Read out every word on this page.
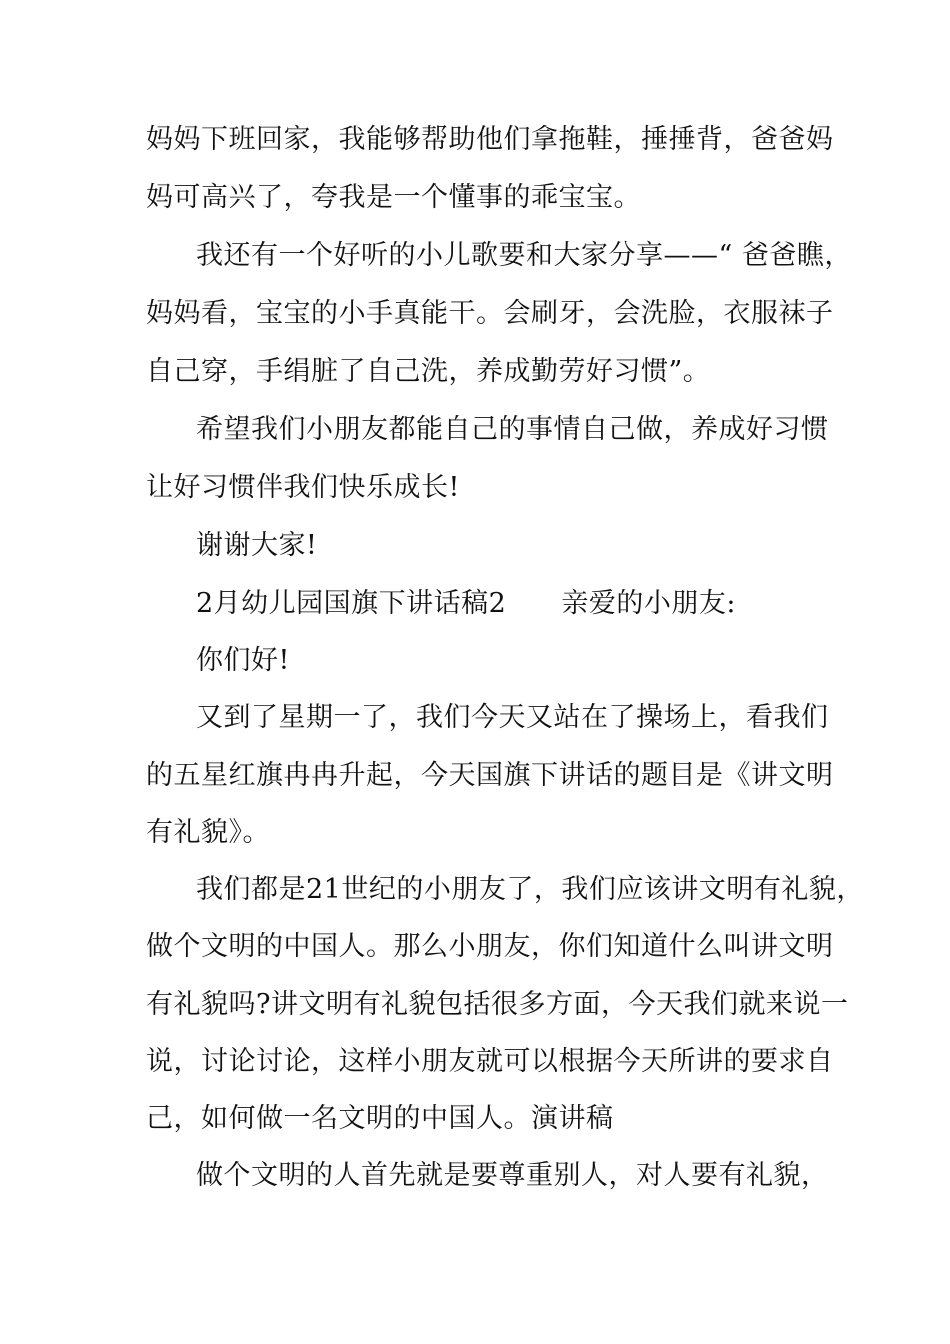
妈妈下班回家，我能够帮助他们拿拖鞋，捶捶背，爸爸妈
妈可高兴了，夸我是一个懂事的乖宝宝。
我还有一个好听的小儿歌要和大家分享——“ 爸爸瞧，
妈妈看，宝宝的小手真能干。会刷牙，会洗脸，衣服袜子
自己穿，手绢脏了自己洗，养成勤劳好习惯”。
希望我们小朋友都能自己的事情自己做，养成好习惯
让好习惯伴我们快乐成长!
谢谢大家!
2月幼儿园国旗下讲话稿2　　亲爱的小朋友:
你们好!
又到了星期一了，我们今天又站在了操场上，看我们
的五星红旗冉冉升起，今天国旗下讲话的题目是《讲文明
有礼貌》。
我们都是21世纪的小朋友了，我们应该讲文明有礼貌，
做个文明的中国人。那么小朋友，你们知道什么叫讲文明
有礼貌吗?讲文明有礼貌包括很多方面，今天我们就来说一
说，讨论讨论，这样小朋友就可以根据今天所讲的要求自
己，如何做一名文明的中国人。演讲稿
做个文明的人首先就是要尊重别人，对人要有礼貌，
